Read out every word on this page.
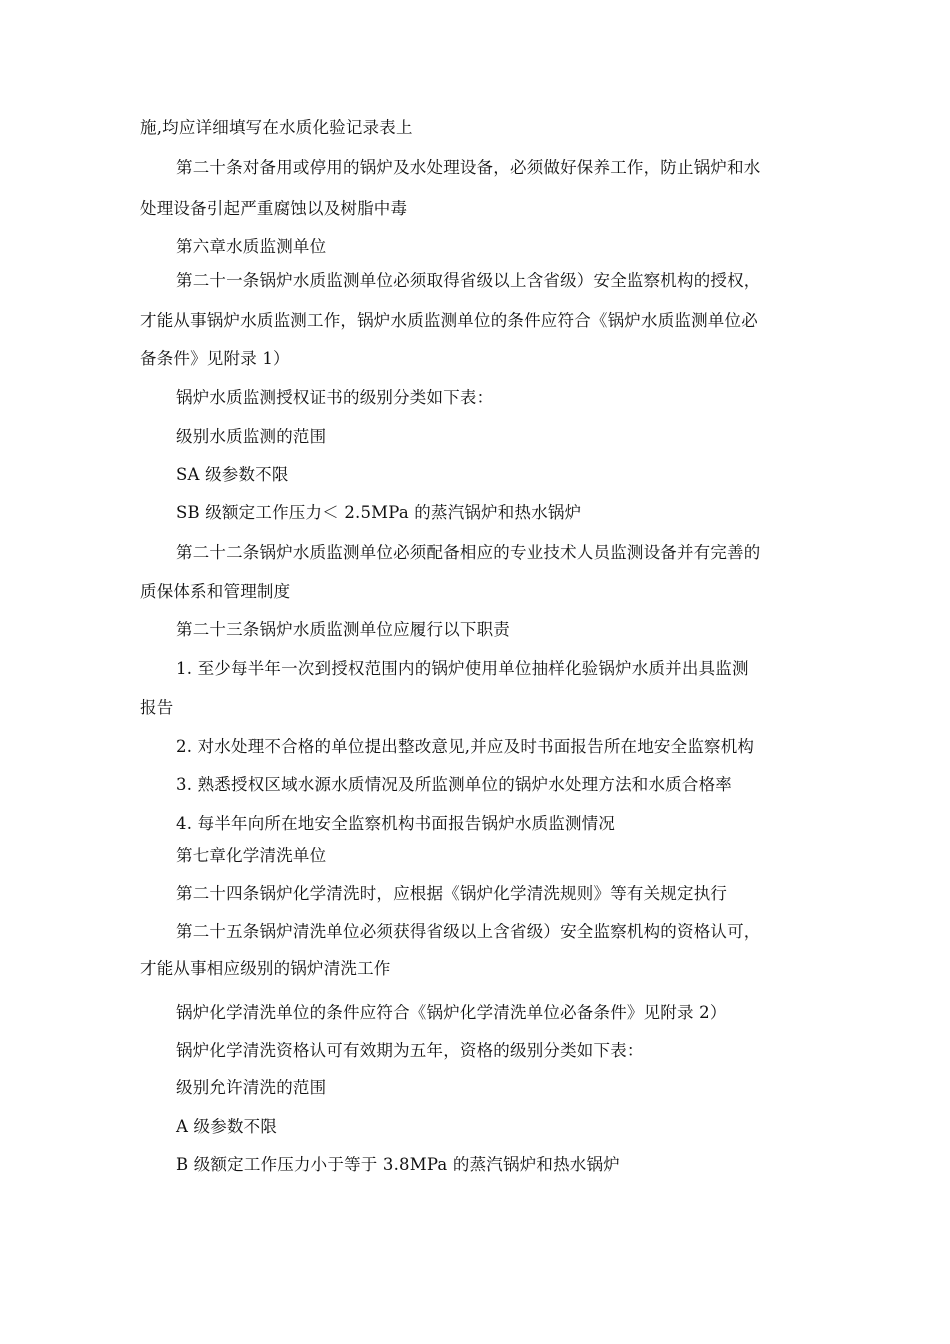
施,均应详细填写在水质化验记录表上
第二十条对备用或停用的锅炉及水处理设备，必须做好保养工作，防止锅炉和水
处理设备引起严重腐蚀以及树脂中毒
第六章水质监测单位
第二十一条锅炉水质监测单位必须取得省级以上含省级）安全监察机构的授权，
才能从事锅炉水质监测工作，锅炉水质监测单位的条件应符合《锅炉水质监测单位必
备条件》见附录 1）
锅炉水质监测授权证书的级别分类如下表：
级别水质监测的范围
SA 级参数不限
SB 级额定工作压力＜ 2.5MPa 的蒸汽锅炉和热水锅炉
第二十二条锅炉水质监测单位必须配备相应的专业技术人员监测设备并有完善的
质保体系和管理制度
第二十三条锅炉水质监测单位应履行以下职责
1. 至少每半年一次到授权范围内的锅炉使用单位抽样化验锅炉水质并出具监测
报告
2. 对水处理不合格的单位提出整改意见,并应及时书面报告所在地安全监察机构
3. 熟悉授权区域水源水质情况及所监测单位的锅炉水处理方法和水质合格率
4. 每半年向所在地安全监察机构书面报告锅炉水质监测情况
第七章化学清洗单位
第二十四条锅炉化学清洗时，应根据《锅炉化学清洗规则》等有关规定执行
第二十五条锅炉清洗单位必须获得省级以上含省级）安全监察机构的资格认可，
才能从事相应级别的锅炉清洗工作
锅炉化学清洗单位的条件应符合《锅炉化学清洗单位必备条件》见附录 2）
锅炉化学清洗资格认可有效期为五年，资格的级别分类如下表：
级别允许清洗的范围
A 级参数不限
B 级额定工作压力小于等于 3.8MPa 的蒸汽锅炉和热水锅炉
